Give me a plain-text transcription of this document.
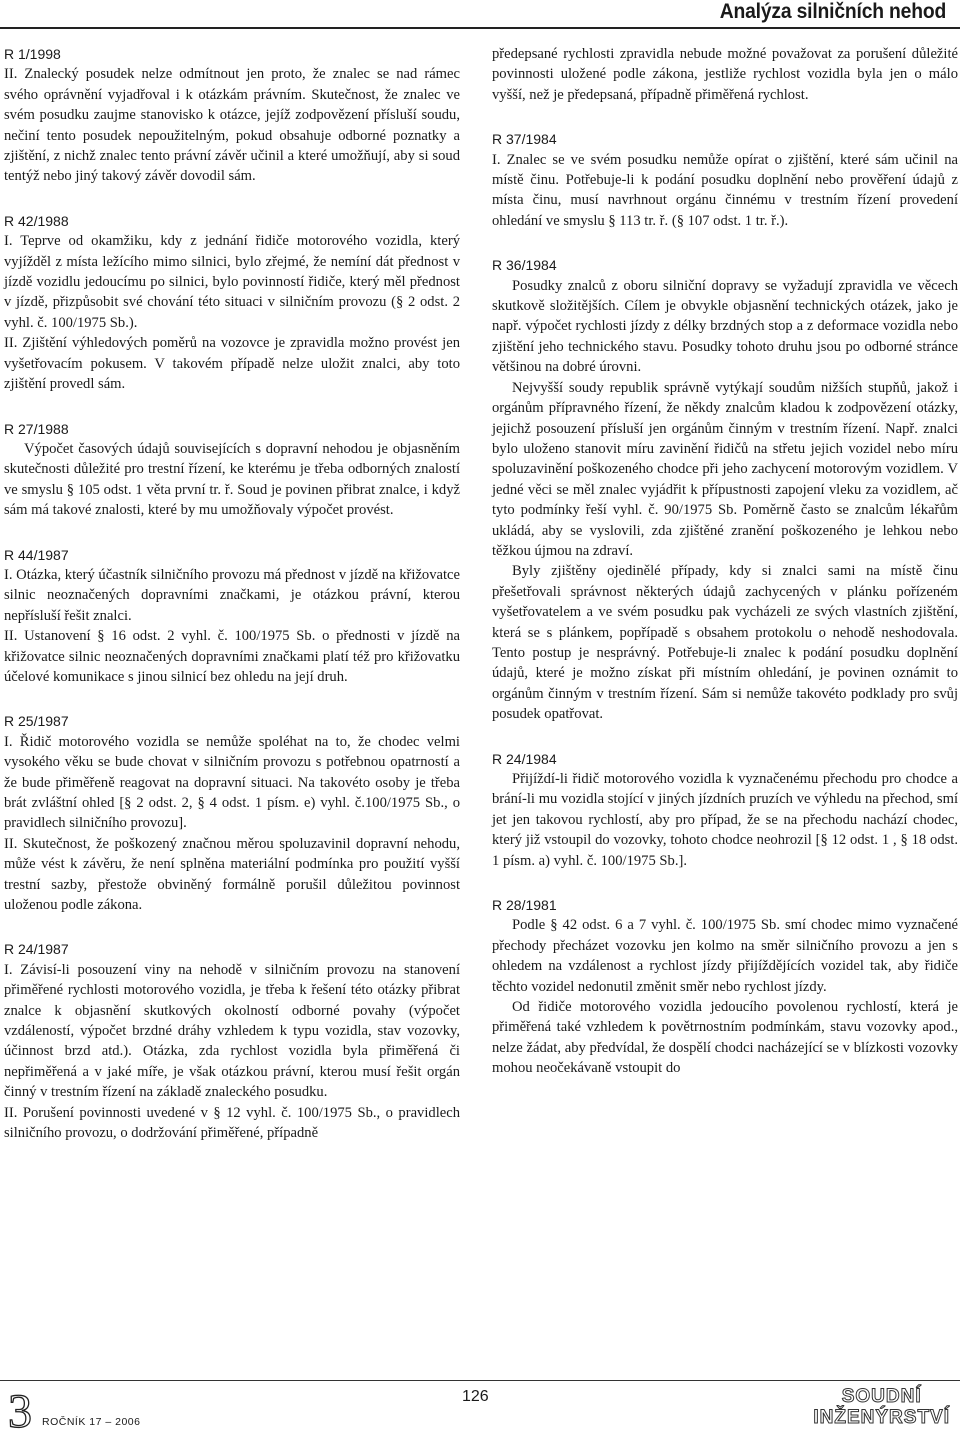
Analýza silničních nehod
R 1/1998

II. Znalecký posudek nelze odmítnout jen proto, že znalec se nad rámec svého oprávnění vyjadřoval i k otázkám právním. Skutečnost, že znalec ve svém posudku zaujme stanovisko k otázce, jejíž zodpovězení přísluší soudu, nečiní tento posudek nepoužitelným, pokud obsahuje odborné poznatky a zjištění, z nichž znalec tento právní závěr učinil a které umožňují, aby si soud tentýž nebo jiný takový závěr dovodil sám.

R 42/1988

I. Teprve od okamžiku, kdy z jednání řidiče motorového vozidla, který vyjížděl z místa ležícího mimo silnici, bylo zřejmé, že nemíní dát přednost v jízdě vozidlu jedoucímu po silnici, bylo povinností řidiče, který měl přednost v jízdě, přizpůsobit své chování této situaci v silničním provozu (§ 2 odst. 2 vyhl. č. 100/1975 Sb.).

II. Zjištění výhledových poměrů na vozovce je zpravidla možno provést jen vyšetřovacím pokusem. V takovém případě nelze uložit znalci, aby toto zjištění provedl sám.

R 27/1988

Výpočet časových údajů souvisejících s dopravní nehodou je objasněním skutečnosti důležité pro trestní řízení, ke kterému je třeba odborných znalostí ve smyslu § 105 odst. 1 věta první tr. ř. Soud je povinen přibrat znalce, i když sám má takové znalosti, které by mu umožňovaly výpočet provést.

R 44/1987

I. Otázka, který účastník silničního provozu má přednost v jízdě na křižovatce silnic neoznačených dopravními značkami, je otázkou právní, kterou nepřísluší řešit znalci.

II. Ustanovení § 16 odst. 2 vyhl. č. 100/1975 Sb. o přednosti v jízdě na křižovatce silnic neoznačených dopravními značkami platí též pro křižovatku účelové komunikace s jinou silnicí bez ohledu na její druh.

R 25/1987

I. Řidič motorového vozidla se nemůže spoléhat na to, že chodec velmi vysokého věku se bude chovat v silničním provozu s potřebnou opatrností a že bude přiměřeně reagovat na dopravní situaci. Na takovéto osoby je třeba brát zvláštní ohled [§ 2 odst. 2, § 4 odst. 1 písm. e) vyhl. č.100/1975 Sb., o pravidlech silničního provozu].

II. Skutečnost, že poškozený značnou měrou spoluzavinil dopravní nehodu, může vést k závěru, že není splněna materiální podmínka pro použití vyšší trestní sazby, přestože obviněný formálně porušil důležitou povinnost uloženou podle zákona.

R 24/1987

I. Závisí-li posouzení viny na nehodě v silničním provozu na stanovení přiměřené rychlosti motorového vozidla, je třeba k řešení této otázky přibrat znalce k objasnění skutkových okolností odborné povahy (výpočet vzdáleností, výpočet brzdné dráhy vzhledem k typu vozidla, stav vozovky, účinnost brzd atd.). Otázka, zda rychlost vozidla byla přiměřená či nepřiměřená a v jaké míře, je však otázkou právní, kterou musí řešit orgán činný v trestním řízení na základě znaleckého posudku.

II. Porušení povinnosti uvedené v § 12 vyhl. č. 100/1975 Sb., o pravidlech silničního provozu, o dodržování přiměřené, případně

předepsané rychlosti zpravidla nebude možné považovat za porušení důležité povinnosti uložené podle zákona, jestliže rychlost vozidla byla jen o málo vyšší, než je předepsaná, případně přiměřená rychlost.

R 37/1984

I. Znalec se ve svém posudku nemůže opírat o zjištění, které sám učinil na místě činu. Potřebuje-li k podání posudku doplnění nebo prověření údajů z místa činu, musí navrhnout orgánu činnému v trestním řízení provedení ohledání ve smyslu § 113 tr. ř. (§ 107 odst. 1 tr. ř.).

R 36/1984

Posudky znalců z oboru silniční dopravy se vyžadují zpravidla ve věcech skutkově složitějších. Cílem je obvykle objasnění technických otázek, jako je např. výpočet rychlosti jízdy z délky brzdných stop a z deformace vozidla nebo zjištění jeho technického stavu. Posudky tohoto druhu jsou po odborné stránce většinou na dobré úrovni.

Nejvyšší soudy republik správně vytýkají soudům nižších stupňů, jakož i orgánům přípravného řízení, že někdy znalcům kladou k zodpovězení otázky, jejichž posouzení přísluší jen orgánům činným v trestním řízení. Např. znalci bylo uloženo stanovit míru zavinění řidičů na střetu jejich vozidel nebo míru spoluzavinění poškozeného chodce při jeho zachycení motorovým vozidlem. V jedné věci se měl znalec vyjádřit k přípustnosti zapojení vleku za vozidlem, ač tyto podmínky řeší vyhl. č. 90/1975 Sb. Poměrně často se znalcům lékařům ukládá, aby se vyslovili, zda zjištěné zranění poškozeného je lehkou nebo těžkou újmou na zdraví.

Byly zjištěny ojedinělé případy, kdy si znalci sami na místě činu přešetřovali správnost některých údajů zachycených v plánku pořízeném vyšetřovatelem a ve svém posudku pak vycházeli ze svých vlastních zjištění, která se s plánkem, popřípadě s obsahem protokolu o nehodě neshodovala. Tento postup je nesprávný. Potřebuje-li znalec k podání posudku doplnění údajů, které je možno získat při místním ohledání, je povinen oznámit to orgánům činným v trestním řízení. Sám si nemůže takovéto podklady pro svůj posudek opatřovat.

R 24/1984

Přijíždí-li řidič motorového vozidla k vyznačenému přechodu pro chodce a brání-li mu vozidla stojící v jiných jízdních pruzích ve výhledu na přechod, smí jet jen takovou rychlostí, aby pro případ, že se na přechodu nachází chodec, který již vstoupil do vozovky, tohoto chodce neohrozil [§ 12 odst. 1 , § 18 odst. 1 písm. a) vyhl. č. 100/1975 Sb.].

R 28/1981

Podle § 42 odst. 6 a 7 vyhl. č. 100/1975 Sb. smí chodec mimo vyznačené přechody přecházet vozovku jen kolmo na směr silničního provozu a jen s ohledem na vzdálenost a rychlost jízdy přijíždějících vozidel tak, aby řidiče těchto vozidel nedonutil změnit směr nebo rychlost jízdy.

Od řidiče motorového vozidla jedoucího povolenou rychlostí, která je přiměřená také vzhledem k povětrnostním podmínkám, stavu vozovky apod., nelze žádat, aby předvídal, že dospělí chodci nacházející se v blízkosti vozovky mohou neočekávaně vstoupit do

3 ROČNÍK 17 – 2006
126	SOUDNÍ
INŽENÝRSTVÍ
